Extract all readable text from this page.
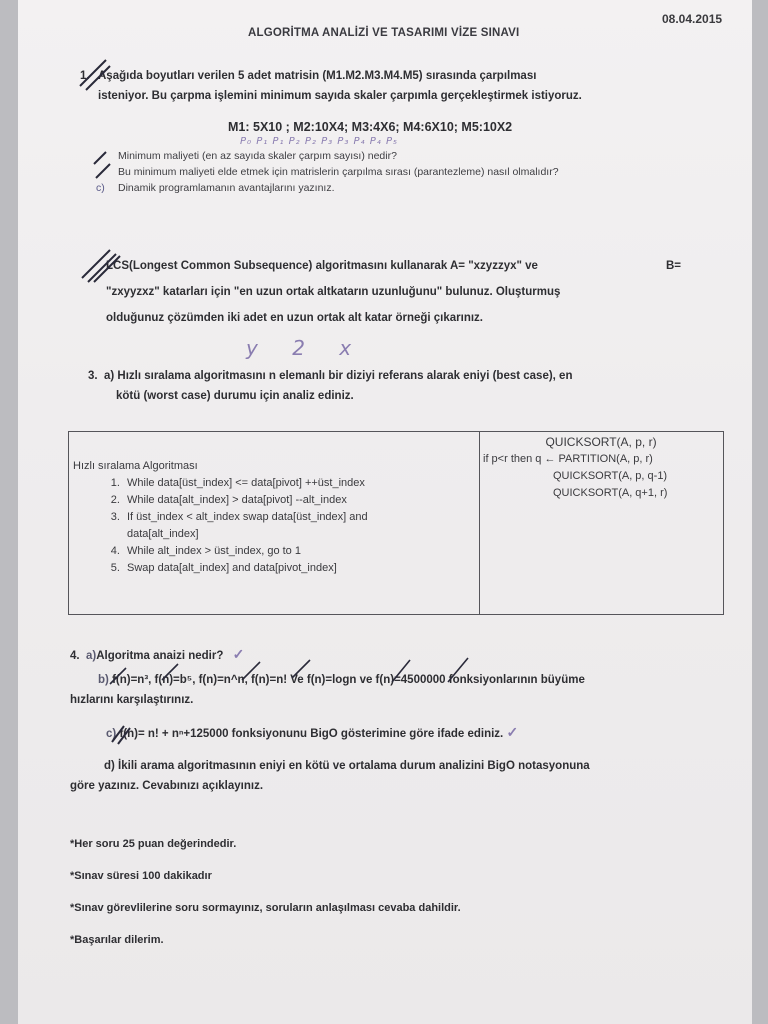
08.04.2015
ALGORİTMA ANALİZİ VE TASARIMI VİZE SINAVI
1. Aşağıda boyutları verilen 5 adet matrisin (M1.M2.M3.M4.M5) sırasında çarpılması
isteniyor. Bu çarpma işlemini minimum sayıda skaler çarpımla gerçekleştirmek istiyoruz.
M1: 5X10 ; M2:10X4; M3:4X6; M4:6X10; M5:10X2
P₀ P₁ P₁ P₂ P₂ P₃ P₃ P₄ P₄ P₅
Minimum maliyeti (en az sayıda skaler çarpım sayısı) nedir?
Bu minimum maliyeti elde etmek için matrislerin çarpılma sırası (parantezleme) nasıl olmalıdır?
c) Dinamik programlamanın avantajlarını yazınız.
LCS(Longest Common Subsequence) algoritmasını kullanarak A= "xzyzzyx" ve	B=
"zxyyzxz" katarları için "en uzun ortak altkatarın uzunluğunu" bulunuz. Oluşturmuş
olduğunuz çözümden iki adet en uzun ortak alt katar örneği çıkarınız.
y 2 x
3. a) Hızlı sıralama algoritmasını n elemanlı bir diziyi referans alarak eniyi (best case), en
kötü (worst case) durumu için analiz ediniz.
Hızlı sıralama Algoritması
1. While data[üst_index] <= data[pivot] ++üst_index
2. While data[alt_index] > data[pivot] --alt_index
3. If üst_index < alt_index swap data[üst_index] and
data[alt_index]
4. While alt_index > üst_index, go to 1
5. Swap data[alt_index] and data[pivot_index]
QUICKSORT(A, p, r)
if p<r then q ← PARTITION(A, p, r)
QUICKSORT(A, p, q-1)
QUICKSORT(A, q+1, r)
4. a)Algoritma anaizi nedir? ✓
b) f(n)=n³, f(n)=b⁵, f(n)=n^n, f(n)=n! Ve f(n)=logn ve f(n)=4500000 fonksiyonlarının büyüme
hızlarını karşılaştırınız.
c) f(n)= n! + nⁿ+125000 fonksiyonunu BigO gösterimine göre ifade ediniz. ✓
d) İkili arama algoritmasının eniyi en kötü ve ortalama durum analizini BigO notasyonuna
göre yazınız. Cevabınızı açıklayınız.
*Her soru 25 puan değerindedir.
*Sınav süresi 100 dakikadır
*Sınav görevlilerine soru sormayınız, soruların anlaşılması cevaba dahildir.
*Başarılar dilerim.
